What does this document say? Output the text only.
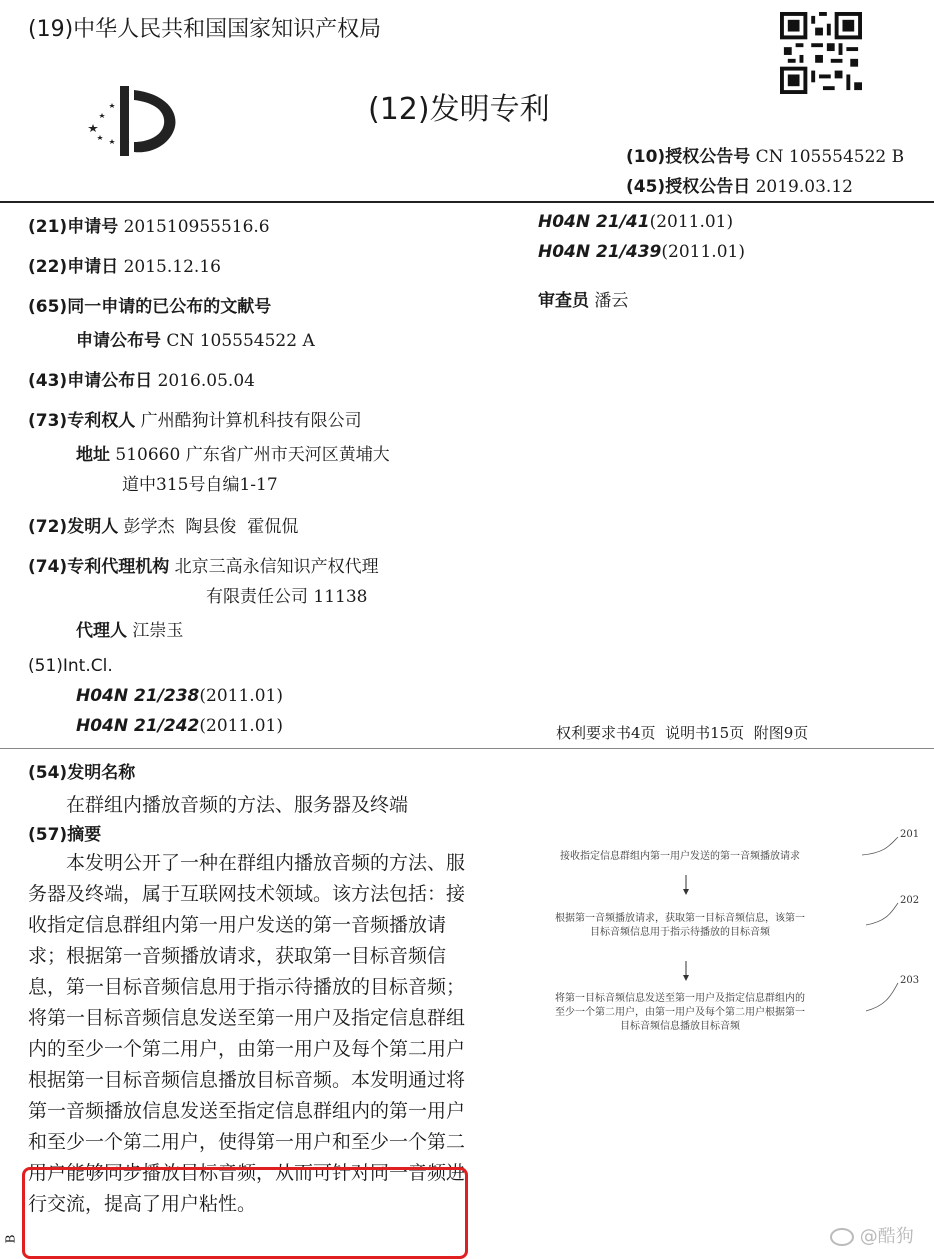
(19)中华人民共和国国家知识产权局
(12)发明专利
(10)授权公告号 CN 105554522 B
(45)授权公告日 2019.03.12
(21)申请号 201510955516.6
(22)申请日 2015.12.16
(65)同一申请的已公布的文献号
申请公布号 CN 105554522 A
(43)申请公布日 2016.05.04
(73)专利权人 广州酷狗计算机科技有限公司
地址 510660 广东省广州市天河区黄埔大
道中315号自编1-17
(72)发明人 彭学杰  陶县俊  霍侃侃
(74)专利代理机构 北京三高永信知识产权代理
有限责任公司 11138
代理人 江崇玉
(51)Int.Cl.
H04N 21/238(2011.01)
H04N 21/242(2011.01)
H04N 21/41(2011.01)
H04N 21/439(2011.01)
审查员 潘云
权利要求书4页  说明书15页  附图9页
(54)发明名称
在群组内播放音频的方法、服务器及终端
(57)摘要

本发明公开了一种在群组内播放音频的方法、服务器及终端，属于互联网技术领域。该方法包括：接收指定信息群组内第一用户发送的第一音频播放请求；根据第一音频播放请求，获取第一目标音频信息，第一目标音频信息用于指示待播放的目标音频；将第一目标音频信息发送至第一用户及指定信息群组内的至少一个第二用户，由第一用户及每个第二用户根据第一目标音频信息播放目标音频。本发明通过将第一音频播放信息发送至指定信息群组内的第一用户和至少一个第二用户，使得第一用户和至少一个第二用户能够同步播放目标音频，从而可针对同一音频进行交流，提高了用户粘性。

B
接收指定信息群组内第一用户发送的第一音频播放请求
201
根据第一音频播放请求，获取第一目标音频信息，该第一
目标音频信息用于指示待播放的目标音频
202
将第一目标音频信息发送至第一用户及指定信息群组内的
至少一个第二用户，由第一用户及每个第二用户根据第一
目标音频信息播放目标音频
203
@酷狗
